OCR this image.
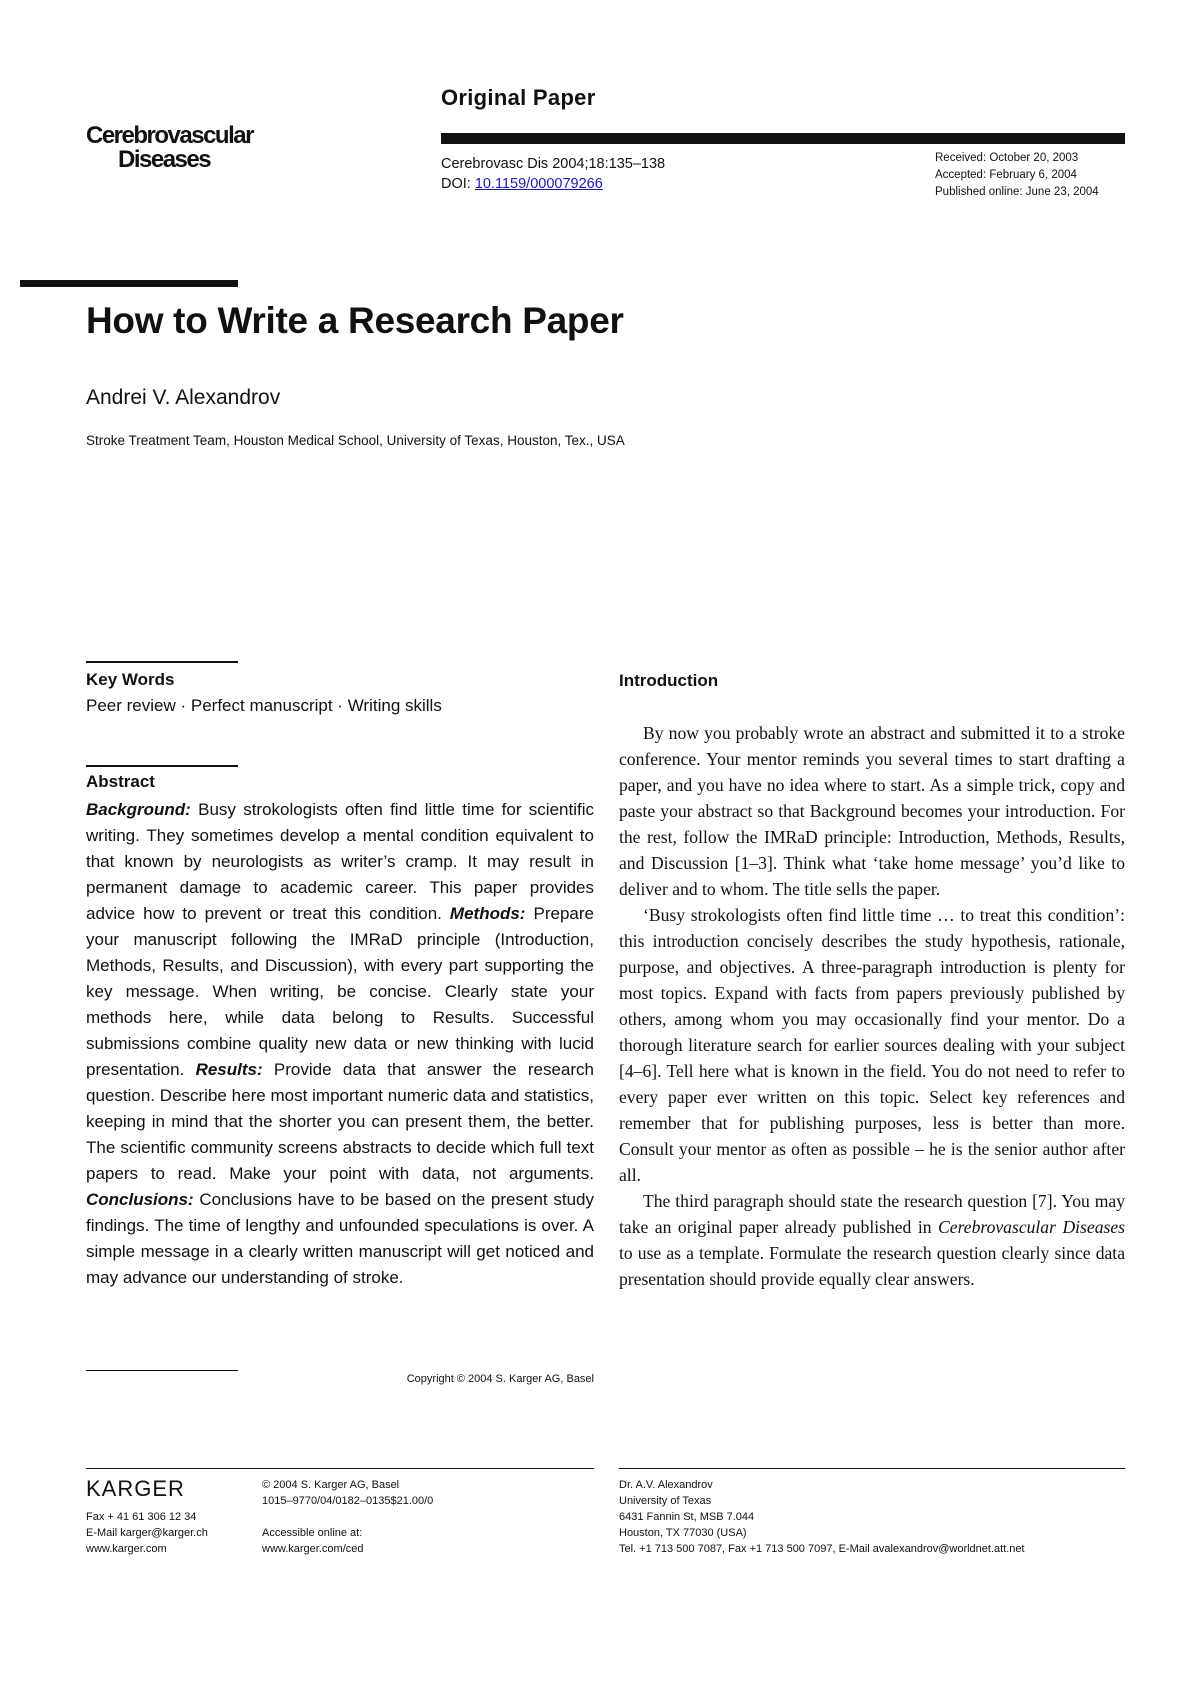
Cerebrovascular
Diseases
Original Paper
Cerebrovasc Dis 2004;18:135–138
DOI: 10.1159/000079266
Received: October 20, 2003
Accepted: February 6, 2004
Published online: June 23, 2004
How to Write a Research Paper
Andrei V. Alexandrov
Stroke Treatment Team, Houston Medical School, University of Texas, Houston, Tex., USA
Key Words
Peer review · Perfect manuscript · Writing skills
Abstract
Background: Busy strokologists often find little time for scientific writing. They sometimes develop a mental condition equivalent to that known by neurologists as writer’s cramp. It may result in permanent damage to academic career. This paper provides advice how to prevent or treat this condition. Methods: Prepare your manuscript following the IMRaD principle (Introduction, Methods, Results, and Discussion), with every part supporting the key message. When writing, be concise. Clearly state your methods here, while data belong to Results. Successful submissions combine quality new data or new thinking with lucid presentation. Results: Provide data that answer the research question. Describe here most important numeric data and statistics, keeping in mind that the shorter you can present them, the better. The scientific community screens abstracts to decide which full text papers to read. Make your point with data, not arguments. Conclusions: Conclusions have to be based on the present study findings. The time of lengthy and unfounded speculations is over. A simple message in a clearly written manuscript will get noticed and may advance our understanding of stroke.
Copyright © 2004 S. Karger AG, Basel
Introduction

By now you probably wrote an abstract and submitted it to a stroke conference. Your mentor reminds you several times to start drafting a paper, and you have no idea where to start. As a simple trick, copy and paste your abstract so that Background becomes your introduction. For the rest, follow the IMRaD principle: Introduction, Methods, Results, and Discussion [1–3]. Think what ‘take home message’ you’d like to deliver and to whom. The title sells the paper.

‘Busy strokologists often find little time … to treat this condition’: this introduction concisely describes the study hypothesis, rationale, purpose, and objectives. A three-paragraph introduction is plenty for most topics. Expand with facts from papers previously published by others, among whom you may occasionally find your mentor. Do a thorough literature search for earlier sources dealing with your subject [4–6]. Tell here what is known in the field. You do not need to refer to every paper ever written on this topic. Select key references and remember that for publishing purposes, less is better than more. Consult your mentor as often as possible – he is the senior author after all.

The third paragraph should state the research question [7]. You may take an original paper already published in Cerebrovascular Diseases to use as a template. Formulate the research question clearly since data presentation should provide equally clear answers.

KARGER
Fax + 41 61 306 12 34
E-Mail karger@karger.ch
www.karger.com
© 2004 S. Karger AG, Basel
1015–9770/04/0182–0135$21.00/0
Accessible online at:
www.karger.com/ced
Dr. A.V. Alexandrov
University of Texas
6431 Fannin St, MSB 7.044
Houston, TX 77030 (USA)
Tel. +1 713 500 7087, Fax +1 713 500 7097, E-Mail avalexandrov@worldnet.att.net
